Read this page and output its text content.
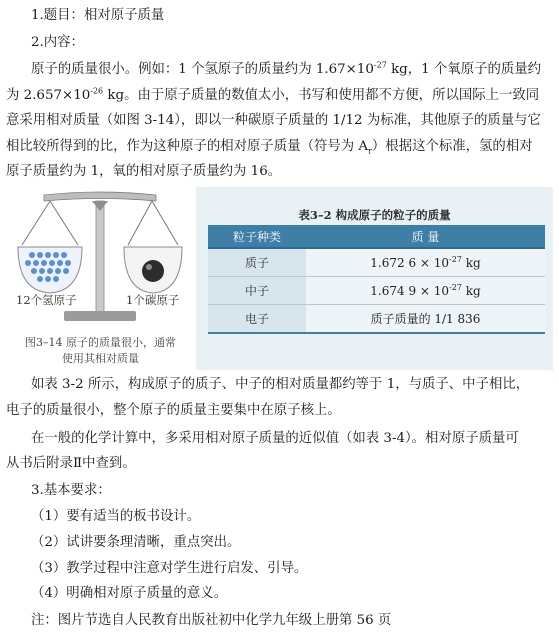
1.题目：相对原子质量
2.内容：
原子的质量很小。例如：1 个氢原子的质量约为 $1.67\times 10^{-27}$ kg，1 个氧原子的质量约
为 $2.657\times 10^{-26}$ kg。由于原子质量的数值太小，书写和使用都不方便，所以国际上一致同
意采用相对质量（如图 3-14），即以一种碳原子质量的 1/12 为标准，其他原子的质量与它
相比较所得到的比，作为这种原子的相对原子质量（符号为 $A_r$）根据这个标准，氢的相对
原子质量约为 1，氧的相对原子质量约为 16。
12个氢原子	1个碳原子
图3–14 原子的质量很小，通常
使用其相对质量
表3–2 构成原子的粒子的质量
粒子种类	质 量
质子	1.672 $6 \times 10^{-27}$ kg
中子	1.674 $9 \times 10^{-27}$ kg
电子	质子质量的 1/1 836
如表 3-2 所示，构成原子的质子、中子的相对质量都约等于 1，与质子、中子相比，
电子的质量很小，整个原子的质量主要集中在原子核上。
在一般的化学计算中，多采用相对原子质量的近似值（如表 3-4）。相对原子质量可
从书后附录Ⅱ中查到。
3.基本要求：
（1）要有适当的板书设计。
（2）试讲要条理清晰，重点突出。
（3）教学过程中注意对学生进行启发、引导。
（4）明确相对原子质量的意义。
注：图片节选自人民教育出版社初中化学九年级上册第 56 页
